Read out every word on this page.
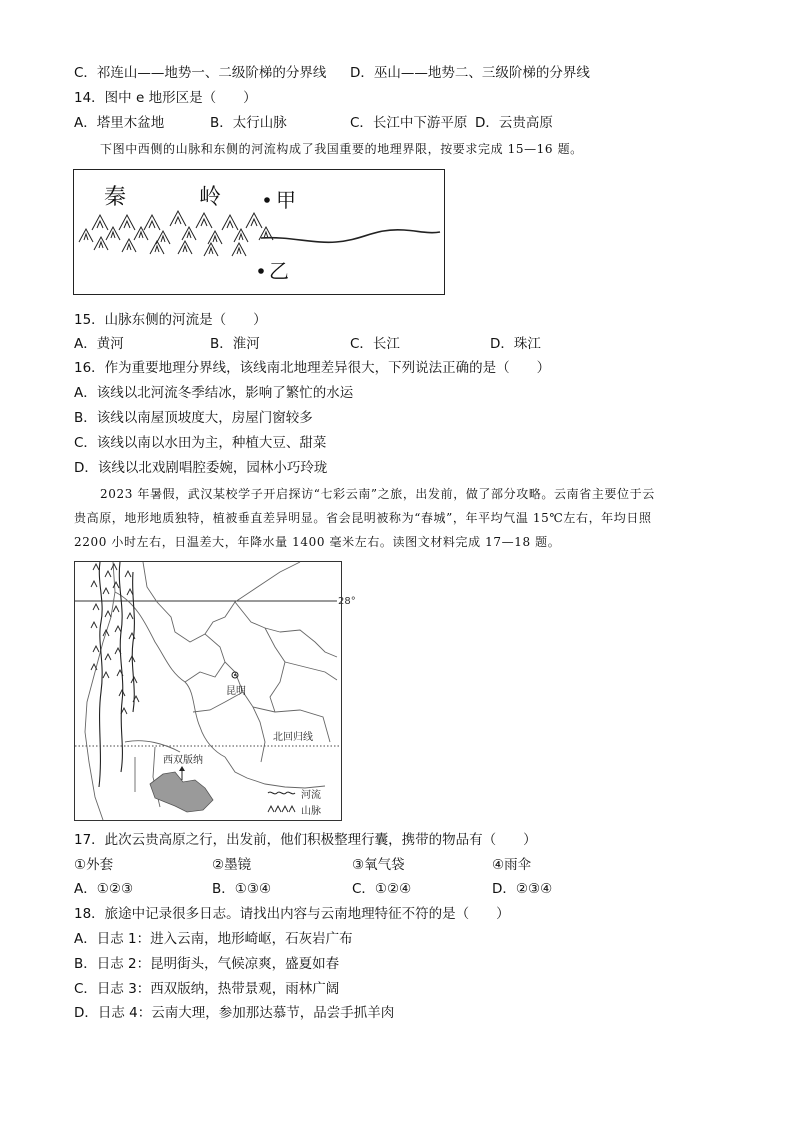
C．祁连山——地势一、二级阶梯的分界线 D．巫山——地势二、三级阶梯的分界线
14．图中 e 地形区是（　　）
A．塔里木盆地	B．太行山脉	C．长江中下游平原 D．云贵高原
下图中西侧的山脉和东侧的河流构成了我国重要的地理界限，按要求完成 15—16 题。
秦	岭	甲
乙
15．山脉东侧的河流是（　　）
A．黄河	B．淮河	C．长江	D．珠江
16．作为重要地理分界线，该线南北地理差异很大，下列说法正确的是（　　）
A．该线以北河流冬季结冰，影响了繁忙的水运
B．该线以南屋顶坡度大，房屋门窗较多
C．该线以南以水田为主，种植大豆、甜菜
D．该线以北戏剧唱腔委婉，园林小巧玲珑
2023 年暑假，武汉某校学子开启探访“七彩云南”之旅，出发前，做了部分攻略。云南省主要位于云
贵高原，地形地质独特，植被垂直差异明显。省会昆明被称为“春城”，年平均气温 15℃左右，年均日照
2200 小时左右，日温差大，年降水量 1400 毫米左右。读图文材料完成 17—18 题。
28°
昆明
北回归线
西双版纳
河流
山脉
17．此次云贵高原之行，出发前，他们积极整理行囊，携带的物品有（　　）
①外套	②墨镜	③氧气袋	④雨伞
A．①②③	B．①③④	C．①②④	D．②③④
18．旅途中记录很多日志。请找出内容与云南地理特征不符的是（　　）
A．日志 1：进入云南，地形崎岖，石灰岩广布
B．日志 2：昆明街头，气候凉爽，盛夏如春
C．日志 3：西双版纳，热带景观，雨林广阔
D．日志 4：云南大理，参加那达慕节，品尝手抓羊肉
